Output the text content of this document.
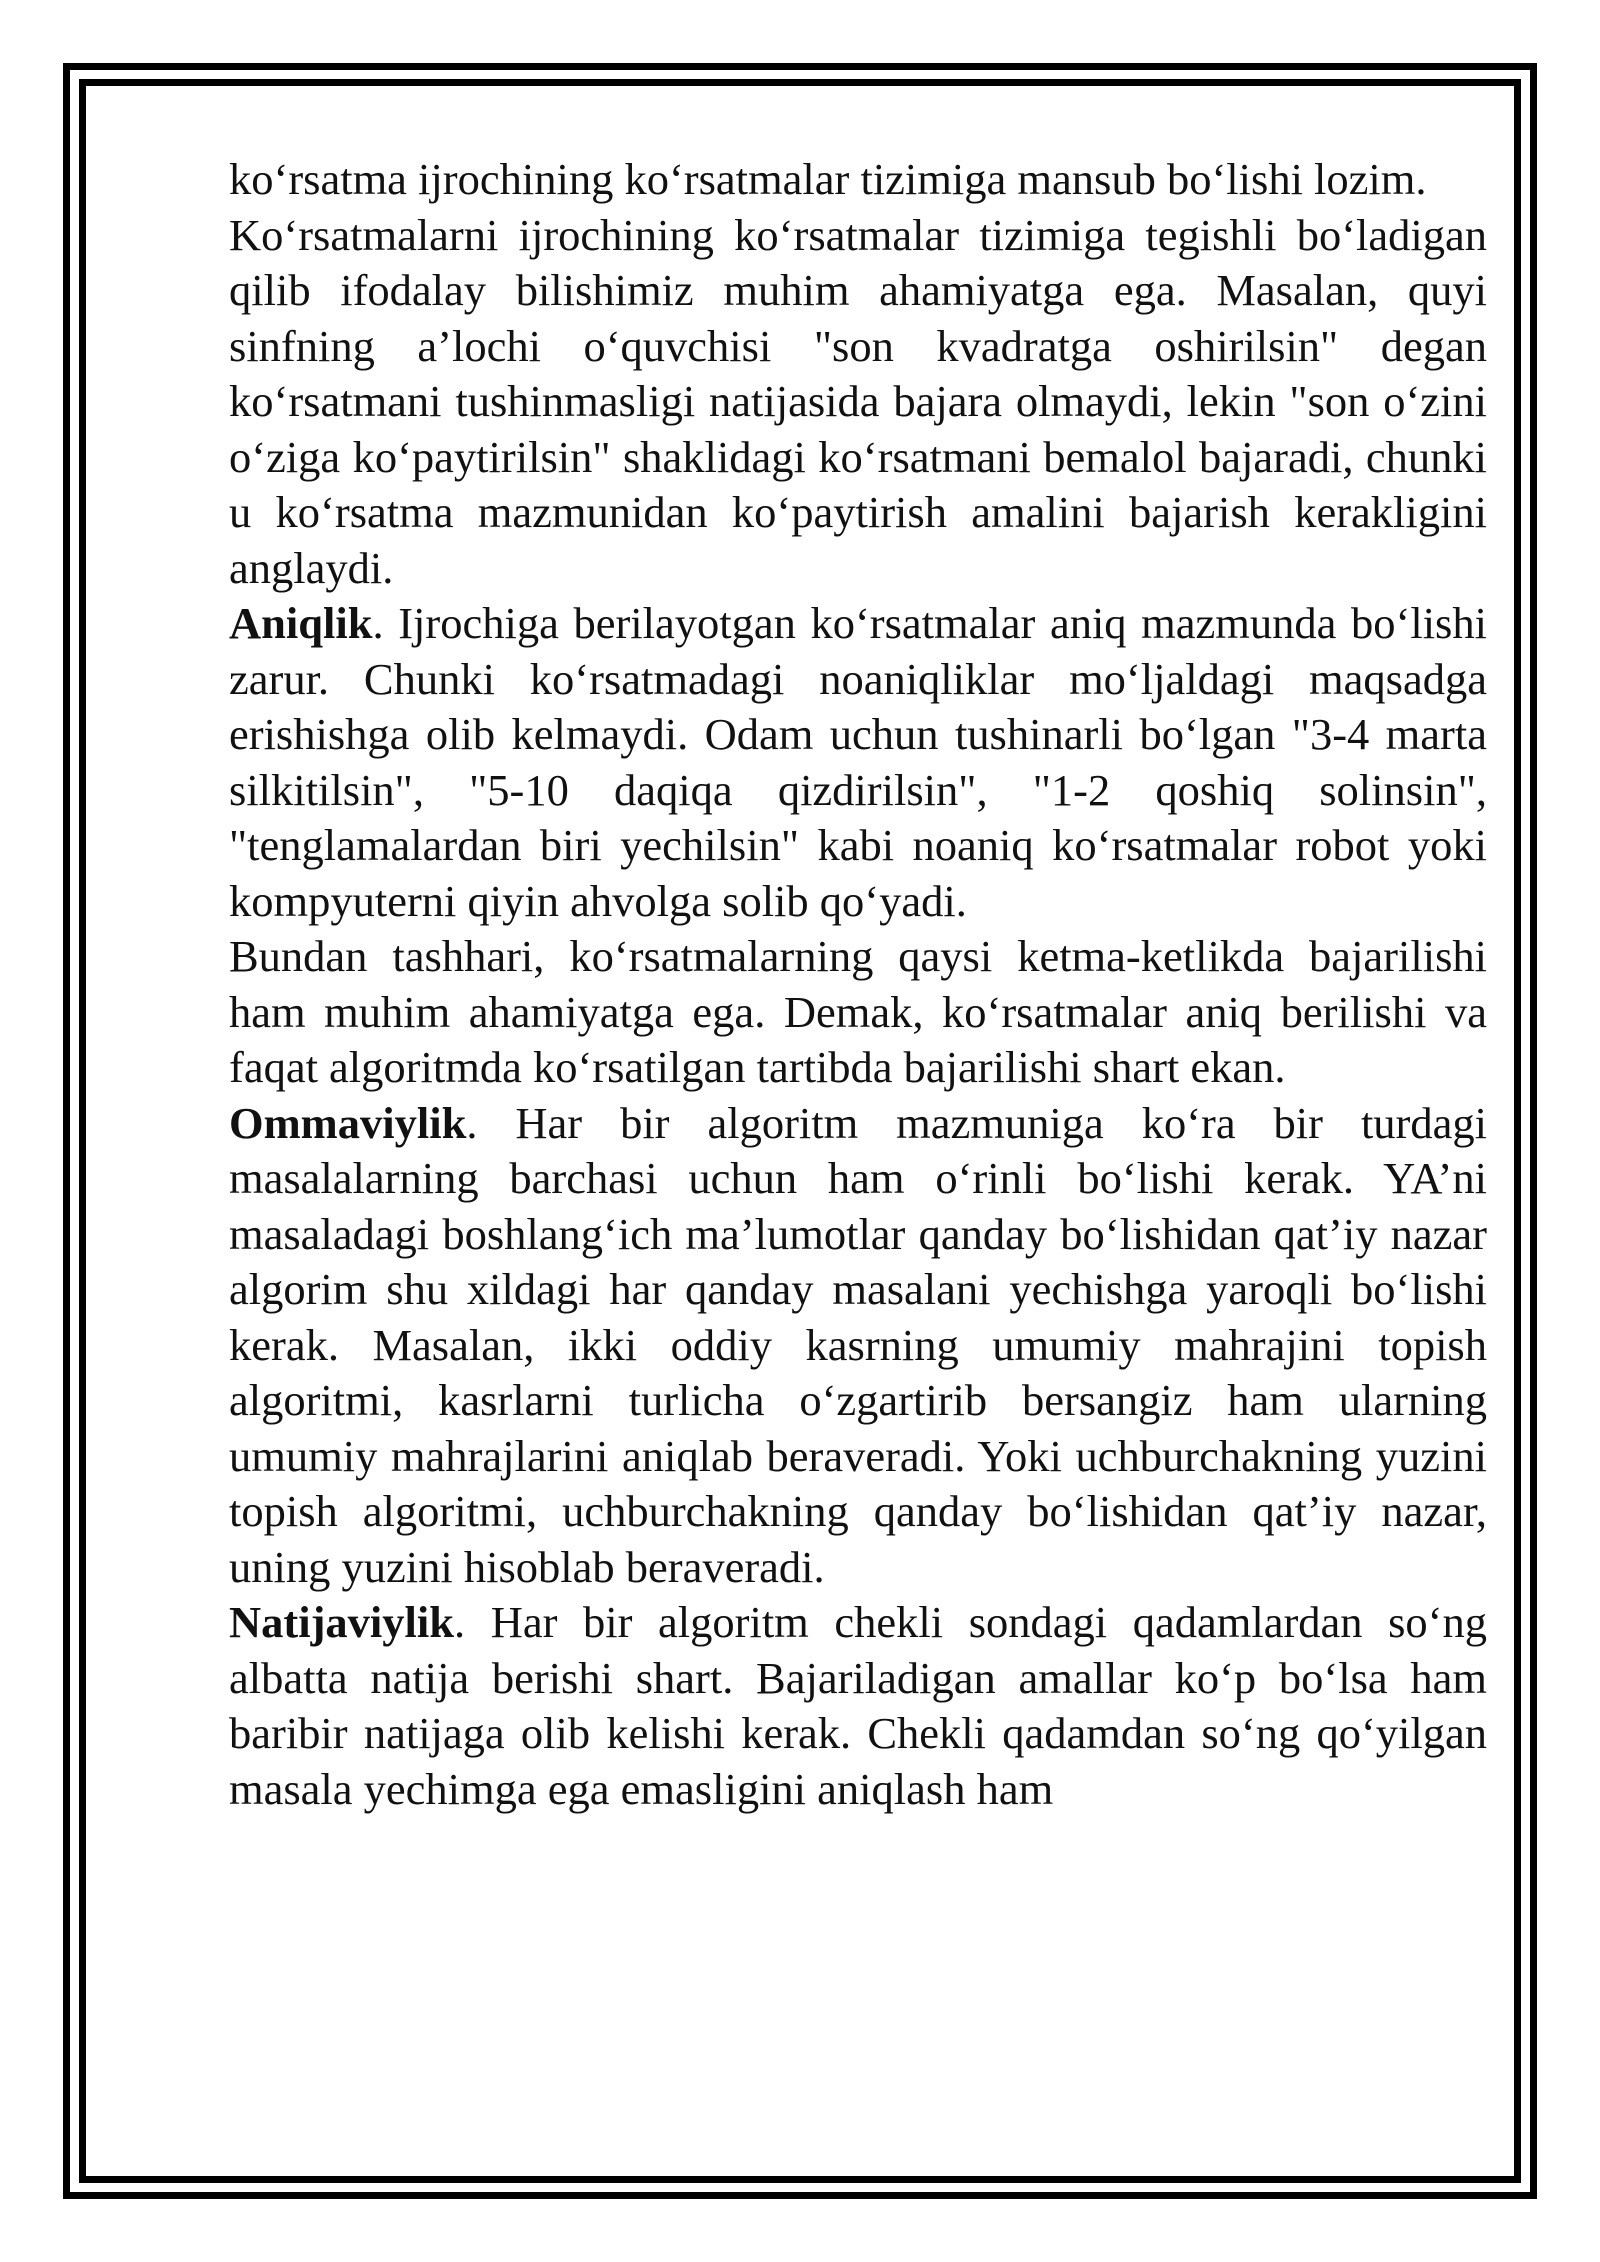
ko‘rsatma ijrochining ko‘rsatmalar tizimiga mansub bo‘lishi lozim.

Ko‘rsatmalarni ijrochining ko‘rsatmalar tizimiga tegishli bo‘ladigan qilib ifodalay bilishimiz muhim ahamiyatga ega. Masalan, quyi sinfning a’lochi o‘quvchisi "son kvadratga oshirilsin" degan ko‘rsatmani tushinmasligi natijasida bajara olmaydi, lekin "son o‘zini o‘ziga ko‘paytirilsin" shaklidagi ko‘rsatmani bemalol bajaradi, chunki u ko‘rsatma mazmunidan ko‘paytirish amalini bajarish kerakligini anglaydi.

Aniqlik. Ijrochiga berilayotgan ko‘rsatmalar aniq mazmunda bo‘lishi zarur. Chunki ko‘rsatmadagi noaniqliklar mo‘ljaldagi maqsadga erishishga olib kelmaydi. Odam uchun tushinarli bo‘lgan "3-4 marta silkitilsin", "5-10 daqiqa qizdirilsin", "1-2 qoshiq solinsin", "tenglamalardan biri yechilsin" kabi noaniq ko‘rsatmalar robot yoki kompyuterni qiyin ahvolga solib qo‘yadi.

Bundan tashhari, ko‘rsatmalarning qaysi ketma-ketlikda bajarilishi ham muhim ahamiyatga ega. Demak, ko‘rsatmalar aniq berilishi va faqat algoritmda ko‘rsatilgan tartibda bajarilishi shart ekan.

Ommaviylik. Har bir algoritm mazmuniga ko‘ra bir turdagi masalalarning barchasi uchun ham o‘rinli bo‘lishi kerak. YA’ni masaladagi boshlang‘ich ma’lumotlar qanday bo‘lishidan qat’iy nazar algorim shu xildagi har qanday masalani yechishga yaroqli bo‘lishi kerak. Masalan, ikki oddiy kasrning umumiy mahrajini topish algoritmi, kasrlarni turlicha o‘zgartirib bersangiz ham ularning umumiy mahrajlarini aniqlab beraveradi. Yoki uchburchakning yuzini topish algoritmi, uchburchakning qanday bo‘lishidan qat’iy nazar, uning yuzini hisoblab beraveradi.

Natijaviylik. Har bir algoritm chekli sondagi qadamlardan so‘ng albatta natija berishi shart. Bajariladigan amallar ko‘p bo‘lsa ham baribir natijaga olib kelishi kerak. Chekli qadamdan so‘ng qo‘yilgan masala yechimga ega emasligini aniqlash ham
